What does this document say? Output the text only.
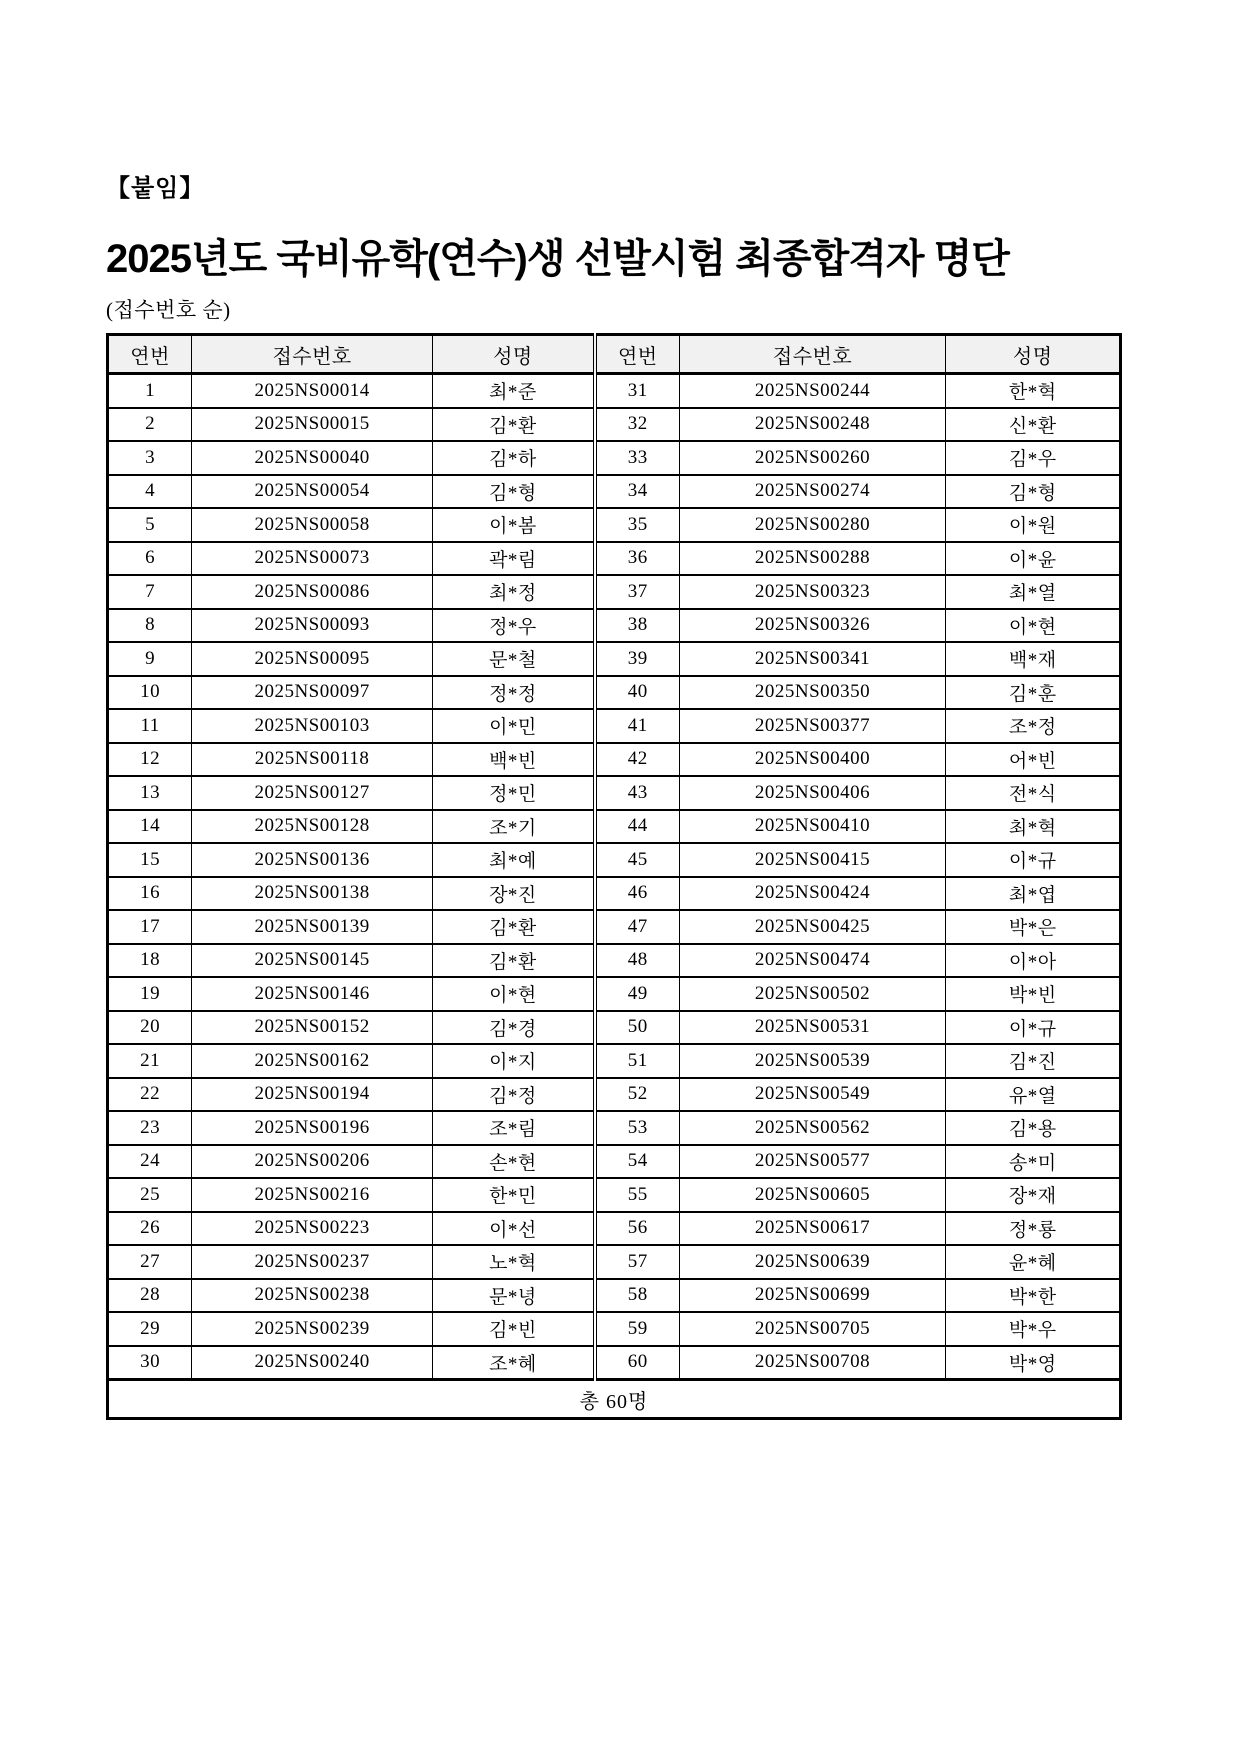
【붙임】
2025년도 국비유학(연수)생 선발시험 최종합격자 명단
(접수번호 순)
연번	접수번호	성명	연번	접수번호	성명
1	2025NS00014	최*준	31	2025NS00244	한*혁
2	2025NS00015	김*환	32	2025NS00248	신*환
3	2025NS00040	김*하	33	2025NS00260	김*우
4	2025NS00054	김*형	34	2025NS00274	김*형
5	2025NS00058	이*봄	35	2025NS00280	이*원
6	2025NS00073	곽*림	36	2025NS00288	이*윤
7	2025NS00086	최*정	37	2025NS00323	최*열
8	2025NS00093	정*우	38	2025NS00326	이*현
9	2025NS00095	문*철	39	2025NS00341	백*재
10	2025NS00097	정*정	40	2025NS00350	김*훈
11	2025NS00103	이*민	41	2025NS00377	조*정
12	2025NS00118	백*빈	42	2025NS00400	어*빈
13	2025NS00127	정*민	43	2025NS00406	전*식
14	2025NS00128	조*기	44	2025NS00410	최*혁
15	2025NS00136	최*예	45	2025NS00415	이*규
16	2025NS00138	장*진	46	2025NS00424	최*엽
17	2025NS00139	김*환	47	2025NS00425	박*은
18	2025NS00145	김*환	48	2025NS00474	이*아
19	2025NS00146	이*현	49	2025NS00502	박*빈
20	2025NS00152	김*경	50	2025NS00531	이*규
21	2025NS00162	이*지	51	2025NS00539	김*진
22	2025NS00194	김*정	52	2025NS00549	유*열
23	2025NS00196	조*림	53	2025NS00562	김*용
24	2025NS00206	손*현	54	2025NS00577	송*미
25	2025NS00216	한*민	55	2025NS00605	장*재
26	2025NS00223	이*선	56	2025NS00617	정*룡
27	2025NS00237	노*혁	57	2025NS00639	윤*혜
28	2025NS00238	문*녕	58	2025NS00699	박*한
29	2025NS00239	김*빈	59	2025NS00705	박*우
30	2025NS00240	조*혜	60	2025NS00708	박*영
총 60명					
